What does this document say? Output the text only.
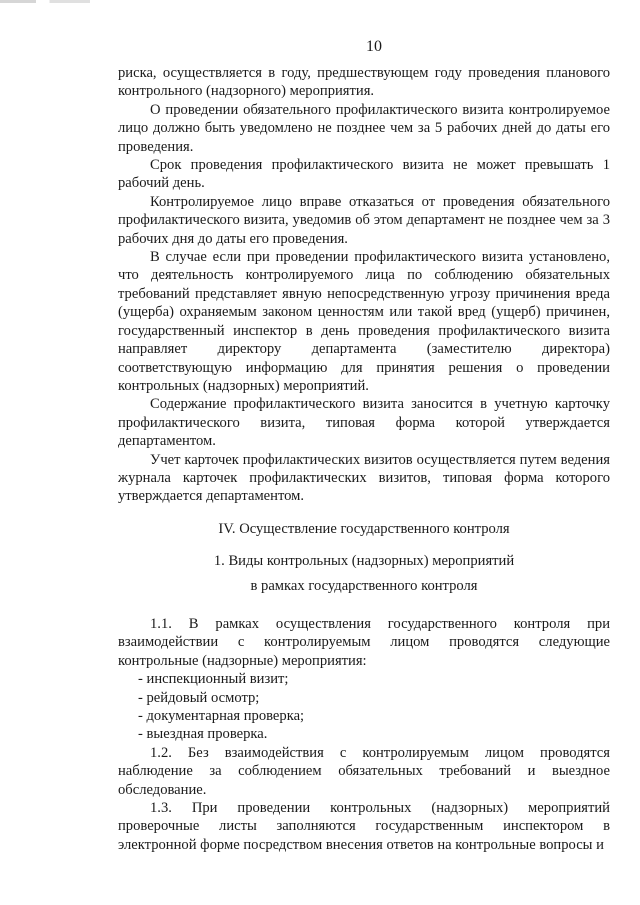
10

риска, осуществляется в году, предшествующем году проведения планового контрольного (надзорного) мероприятия.

О проведении обязательного профилактического визита контролируемое лицо должно быть уведомлено не позднее чем за 5 рабочих дней до даты его проведения.

Срок проведения профилактического визита не может превышать 1 рабочий день.

Контролируемое лицо вправе отказаться от проведения обязательного профилактического визита, уведомив об этом департамент не позднее чем за 3 рабочих дня до даты его проведения.

В случае если при проведении профилактического визита установлено, что деятельность контролируемого лица по соблюдению обязательных требований представляет явную непосредственную угрозу причинения вреда (ущерба) охраняемым законом ценностям или такой вред (ущерб) причинен, государственный инспектор в день проведения профилактического визита направляет директору департамента (заместителю директора) соответствующую информацию для принятия решения о проведении контрольных (надзорных) мероприятий.

Содержание профилактического визита заносится в учетную карточку профилактического визита, типовая форма которой утверждается департаментом.

Учет карточек профилактических визитов осуществляется путем ведения журнала карточек профилактических визитов, типовая форма которого утверждается департаментом.

IV. Осуществление государственного контроля
1. Виды контрольных (надзорных) мероприятий
в рамках государственного контроля

1.1. В рамках осуществления государственного контроля при взаимодействии с контролируемым лицом проводятся следующие контрольные (надзорные) мероприятия:

- инспекционный визит;

- рейдовый осмотр;

- документарная проверка;

- выездная проверка.

1.2. Без взаимодействия с контролируемым лицом проводятся наблюдение за соблюдением обязательных требований и выездное обследование.

1.3. При проведении контрольных (надзорных) мероприятий проверочные листы заполняются государственным инспектором в электронной форме посредством внесения ответов на контрольные вопросы и
